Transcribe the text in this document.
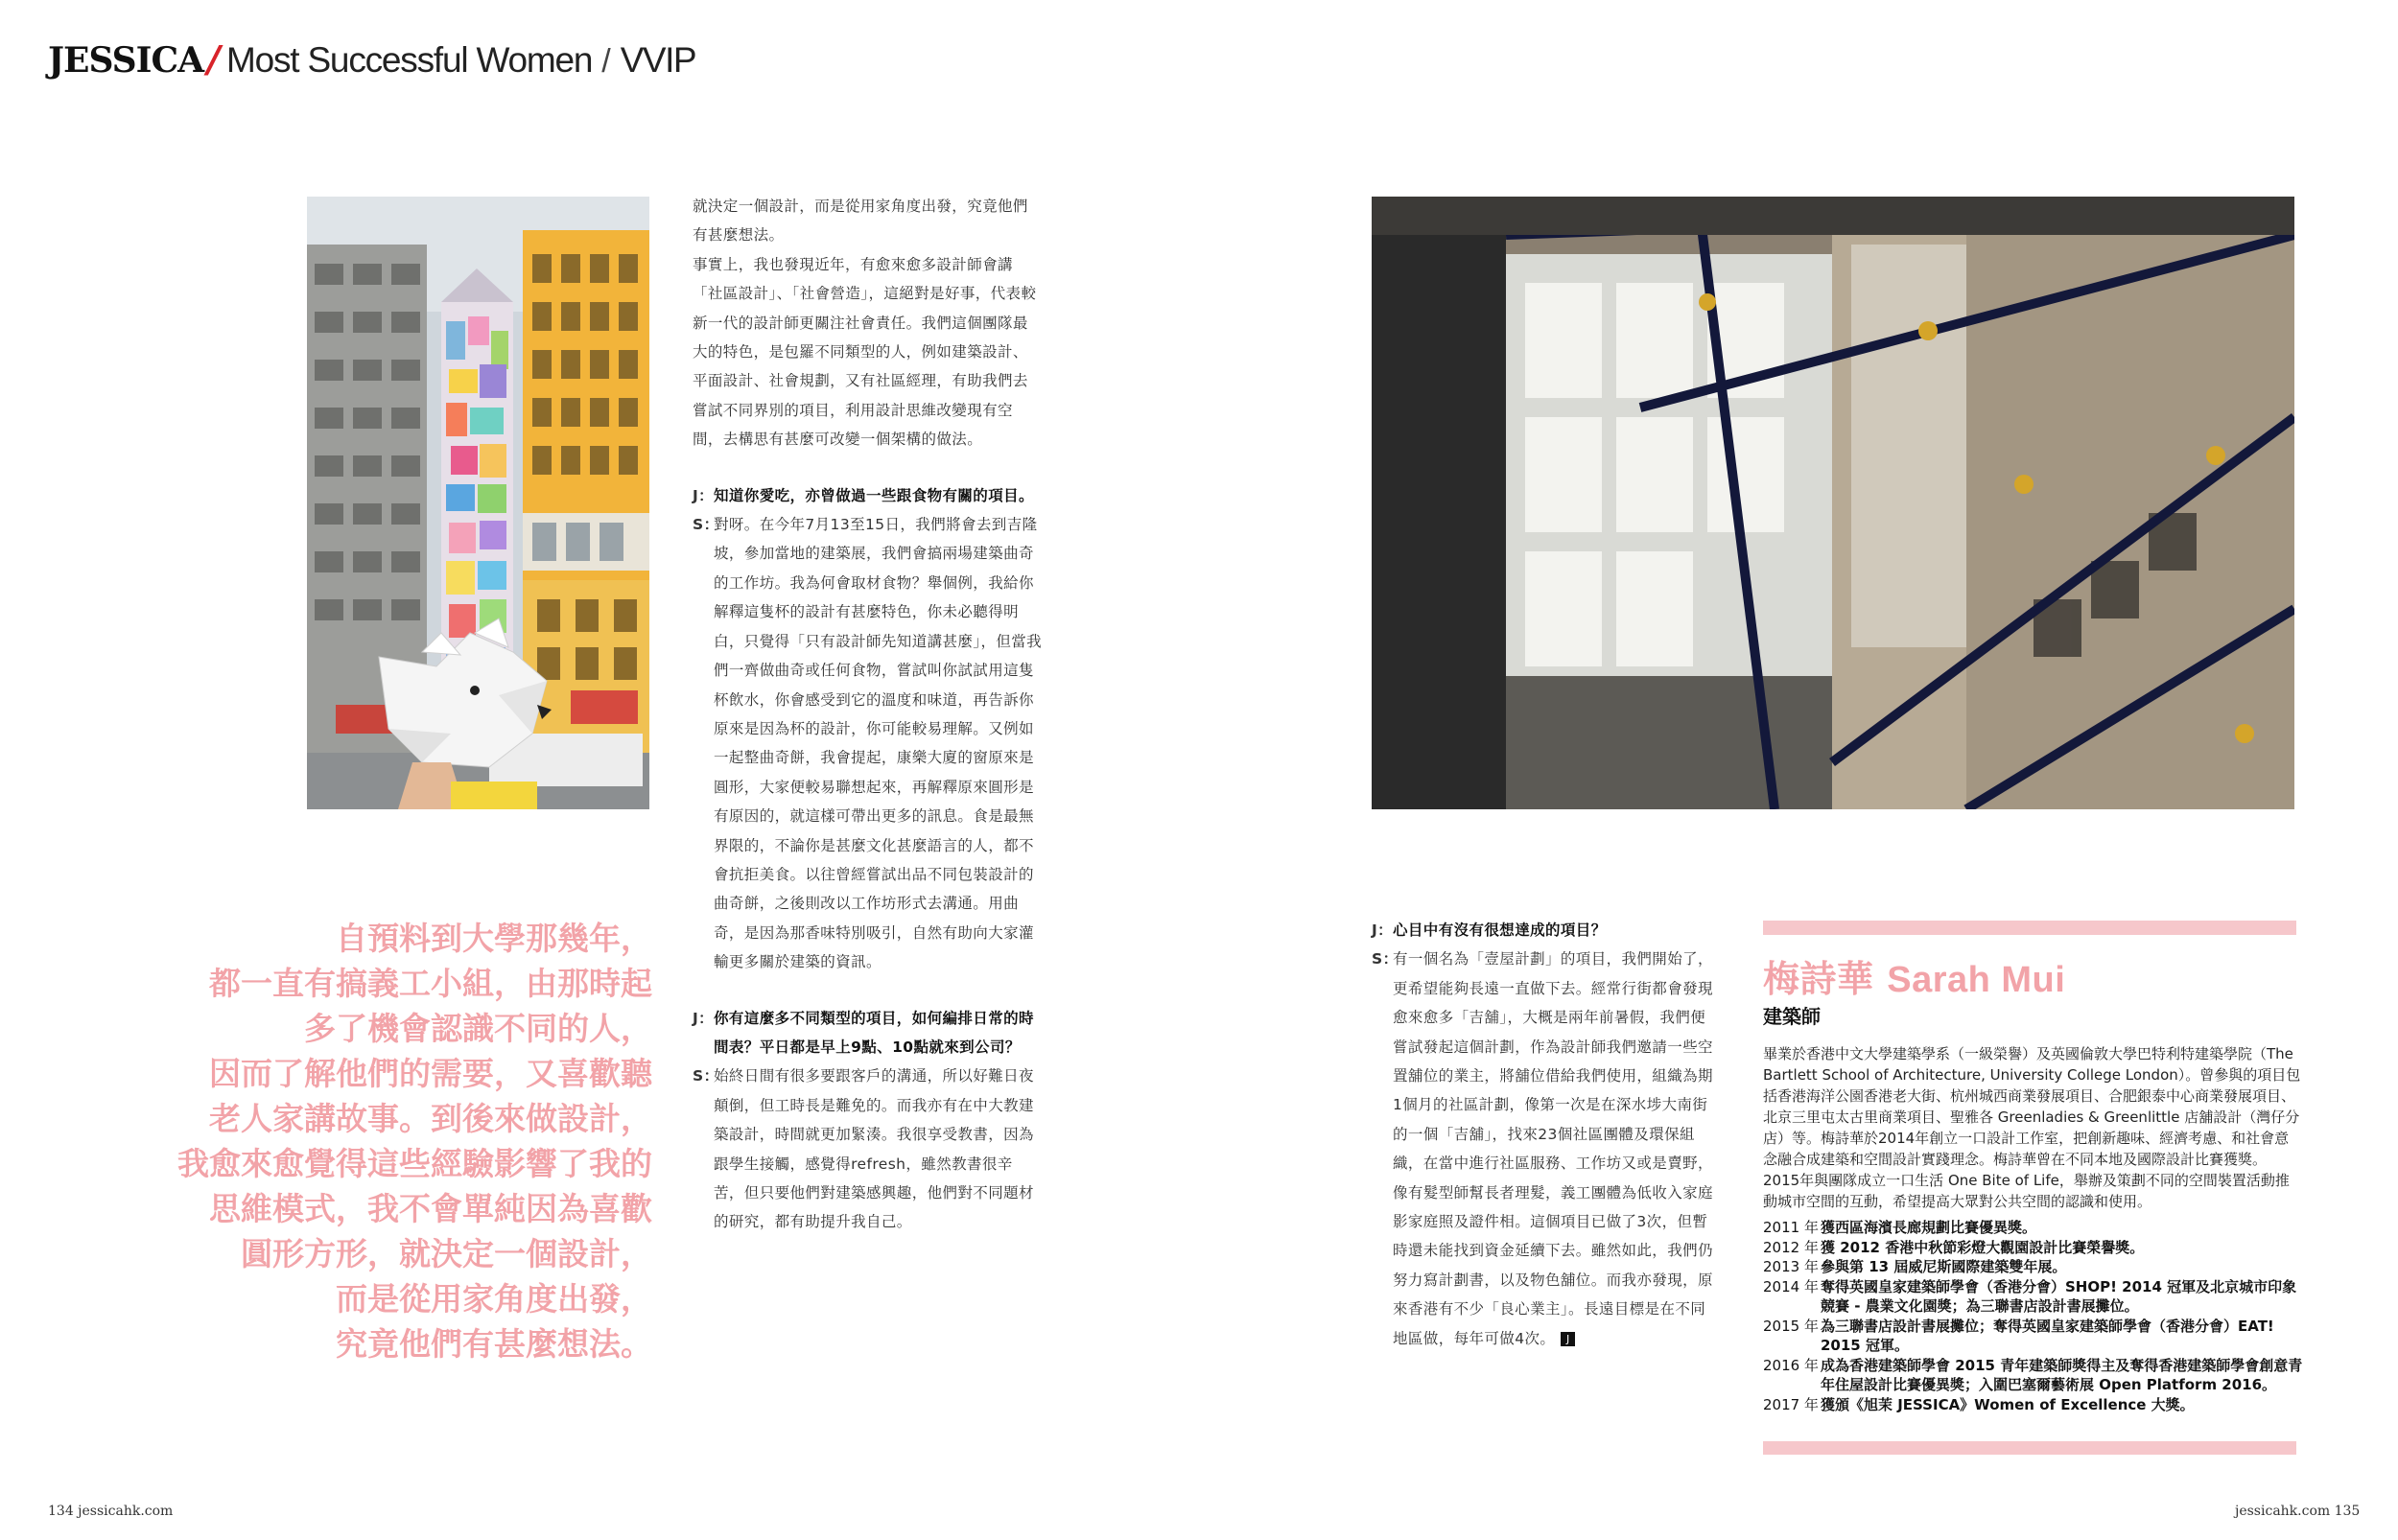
JESSICA / Most Successful Women / VVIP
自預料到大學那幾年，
都一直有搞義工小組，由那時起
多了機會認識不同的人，
因而了解他們的需要，又喜歡聽
老人家講故事。到後來做設計，
我愈來愈覺得這些經驗影響了我的
思維模式，我不會單純因為喜歡
圓形方形，就決定一個設計，
而是從用家角度出發，
究竟他們有甚麼想法。

就決定一個設計，而是從用家角度出發，究竟他們有甚麼想法。

事實上，我也發現近年，有愈來愈多設計師會講「社區設計」、「社會營造」，這絕對是好事，代表較新一代的設計師更關注社會責任。我們這個團隊最大的特色，是包羅不同類型的人，例如建築設計、平面設計、社會規劃，又有社區經理，有助我們去嘗試不同界別的項目，利用設計思維改變現有空間，去構思有甚麼可改變一個架構的做法。

J： 知道你愛吃，亦曾做過一些跟食物有關的項目。
S：
對呀。在今年7月13至15日，我們將會去到吉隆坡，參加當地的建築展，我們會搞兩場建築曲奇的工作坊。我為何會取材食物？舉個例，我給你解釋這隻杯的設計有甚麼特色，你未必聽得明白，只覺得「只有設計師先知道講甚麼」，但當我們一齊做曲奇或任何食物，嘗試叫你試試用這隻杯飲水，你會感受到它的溫度和味道，再告訴你原來是因為杯的設計，你可能較易理解。又例如一起整曲奇餅，我會提起，康樂大廈的窗原來是圓形，大家便較易聯想起來，再解釋原來圓形是有原因的，就這樣可帶出更多的訊息。食是最無界限的，不論你是甚麼文化甚麼語言的人，都不會抗拒美食。以往曾經嘗試出品不同包裝設計的曲奇餅，之後則改以工作坊形式去溝通。用曲奇，是因為那香味特別吸引，自然有助向大家灌輸更多關於建築的資訊。
J： 你有這麼多不同類型的項目，如何編排日常的時間表？平日都是早上9點、10點就來到公司？
S：
始終日間有很多要跟客戶的溝通，所以好難日夜顛倒，但工時長是難免的。而我亦有在中大教建築設計，時間就更加緊湊。我很享受教書，因為跟學生接觸，感覺得refresh，雖然教書很辛苦，但只要他們對建築感興趣，他們對不同題材的研究，都有助提升我自己。
J： 心目中有沒有很想達成的項目？
S：
有一個名為「壹屋計劃」的項目，我們開始了，更希望能夠長遠一直做下去。經常行街都會發現愈來愈多「吉舖」，大概是兩年前暑假，我們便嘗試發起這個計劃，作為設計師我們邀請一些空置舖位的業主，將舖位借給我們使用，組織為期1個月的社區計劃，像第一次是在深水埗大南街的一個「吉舖」，找來23個社區團體及環保組織，在當中進行社區服務、工作坊又或是賣野，像有髮型師幫長者理髮，義工團體為低收入家庭影家庭照及證件相。這個項目已做了3次，但暫時還未能找到資金延續下去。雖然如此，我們仍努力寫計劃書，以及物色舖位。而我亦發現，原來香港有不少「良心業主」。長遠目標是在不同地區做，每年可做4次。 J
梅詩華 Sarah Mui
建築師
畢業於香港中文大學建築學系（一級榮譽）及英國倫敦大學巴特利特建築學院（The Bartlett School of Architecture, University College London）。曾參與的項目包括香港海洋公園香港老大街、杭州城西商業發展項目、合肥銀泰中心商業發展項目、北京三里屯太古里商業項目、聖雅各 Greenladies & Greenlittle 店舖設計（灣仔分店）等。梅詩華於2014年創立一口設計工作室，把創新趣味、經濟考慮、和社會意念融合成建築和空間設計實踐理念。梅詩華曾在不同本地及國際設計比賽獲獎。2015年與團隊成立一口生活 One Bite of Life，舉辦及策劃不同的空間裝置活動推動城市空間的互動，希望提高大眾對公共空間的認識和使用。
2011 年 獲西區海濱長廊規劃比賽優異獎。
2012 年 獲 2012 香港中秋節彩燈大觀園設計比賽榮譽獎。
2013 年 參與第 13 屆威尼斯國際建築雙年展。
2014 年 奪得英國皇家建築師學會（香港分會）SHOP! 2014 冠軍及北京城市印象競賽 - 農業文化園獎；為三聯書店設計書展攤位。
2015 年 為三聯書店設計書展攤位；奪得英國皇家建築師學會（香港分會）EAT! 2015 冠軍。
2016 年 成為香港建築師學會 2015 青年建築師獎得主及奪得香港建築師學會創意青年住屋設計比賽優異獎；入圍巴塞爾藝術展 Open Platform 2016。
2017 年 獲頒《旭茉 JESSICA》Women of Excellence 大獎。
134 jessicahk.com	jessicahk.com 135
